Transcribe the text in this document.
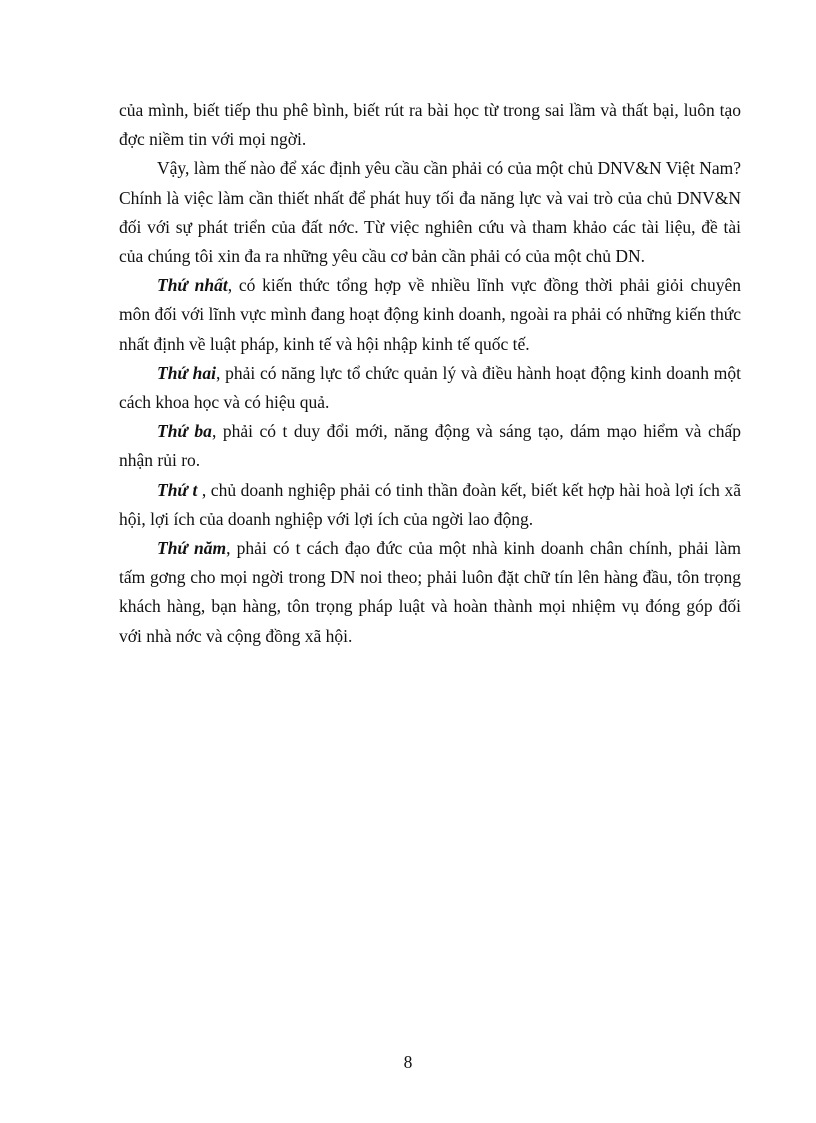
của mình, biết tiếp thu phê bình, biết rút ra bài học từ trong sai lầm và thất bại, luôn tạo đợc niềm tin với mọi ngời.

Vậy, làm thế nào để xác định yêu cầu cần phải có của một chủ DNV&N Việt Nam? Chính là việc làm cần thiết nhất để phát huy tối đa năng lực và vai trò của chủ DNV&N đối với sự phát triển của đất nớc. Từ việc nghiên cứu và tham khảo các tài liệu, đề tài của chúng tôi xin đa ra những yêu cầu cơ bản cần phải có của một chủ DN.

Thứ nhất, có kiến thức tổng hợp về nhiều lĩnh vực đồng thời phải giỏi chuyên môn đối với lĩnh vực mình đang hoạt động kinh doanh, ngoài ra phải có những kiến thức nhất định về luật pháp, kinh tế và hội nhập kinh tế quốc tế.

Thứ hai, phải có năng lực tổ chức quản lý và điều hành hoạt động kinh doanh một cách khoa học và có hiệu quả.

Thứ ba, phải có t duy đổi mới, năng động và sáng tạo, dám mạo hiểm và chấp nhận rủi ro.

Thứ t , chủ doanh nghiệp phải có tinh thần đoàn kết, biết kết hợp hài hoà lợi ích xã hội, lợi ích của doanh nghiệp với lợi ích của ngời lao động.

Thứ năm, phải có t cách đạo đức của một nhà kinh doanh chân chính, phải làm tấm gơng cho mọi ngời trong DN noi theo; phải luôn đặt chữ tín lên hàng đầu, tôn trọng khách hàng, bạn hàng, tôn trọng pháp luật và hoàn thành mọi nhiệm vụ đóng góp đối với nhà nớc và cộng đồng xã hội.

8
